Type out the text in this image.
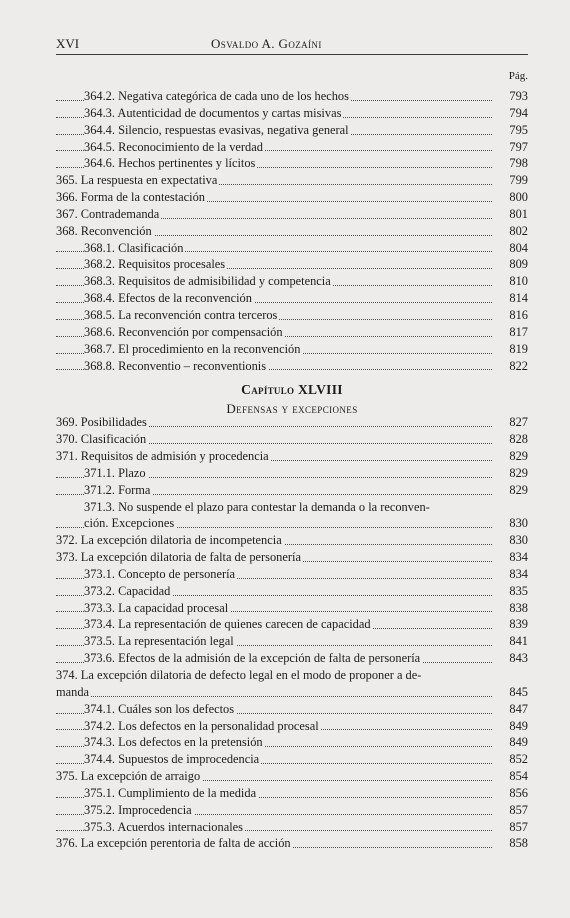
XVI	Osvaldo A. Gozaíni
Pág.
364.2. Negativa categórica de cada uno de los hechos	793
364.3. Autenticidad de documentos y cartas misivas	794
364.4. Silencio, respuestas evasivas, negativa general	795
364.5. Reconocimiento de la verdad	797
364.6. Hechos pertinentes y lícitos	798
365. La respuesta en expectativa	799
366. Forma de la contestación	800
367. Contrademanda	801
368. Reconvención	802
368.1. Clasificación	804
368.2. Requisitos procesales	809
368.3. Requisitos de admisibilidad y competencia	810
368.4. Efectos de la reconvención	814
368.5. La reconvención contra terceros	816
368.6. Reconvención por compensación	817
368.7. El procedimiento en la reconvención	819
368.8. Reconventio – reconventionis	822
Capítulo XLVIII
Defensas y excepciones
369. Posibilidades	827
370. Clasificación	828
371. Requisitos de admisión y procedencia	829
371.1. Plazo	829
371.2. Forma	829
371.3. No suspende el plazo para contestar la demanda o la reconven-
ción. Excepciones	830
372. La excepción dilatoria de incompetencia	830
373. La excepción dilatoria de falta de personería	834
373.1. Concepto de personería	834
373.2. Capacidad	835
373.3. La capacidad procesal	838
373.4. La representación de quienes carecen de capacidad	839
373.5. La representación legal	841
373.6. Efectos de la admisión de la excepción de falta de personería	843
374. La excepción dilatoria de defecto legal en el modo de proponer a de-
manda	845
374.1. Cuáles son los defectos	847
374.2. Los defectos en la personalidad procesal	849
374.3. Los defectos en la pretensión	849
374.4. Supuestos de improcedencia	852
375. La excepción de arraigo	854
375.1. Cumplimiento de la medida	856
375.2. Improcedencia	857
375.3. Acuerdos internacionales	857
376. La excepción perentoria de falta de acción	858
